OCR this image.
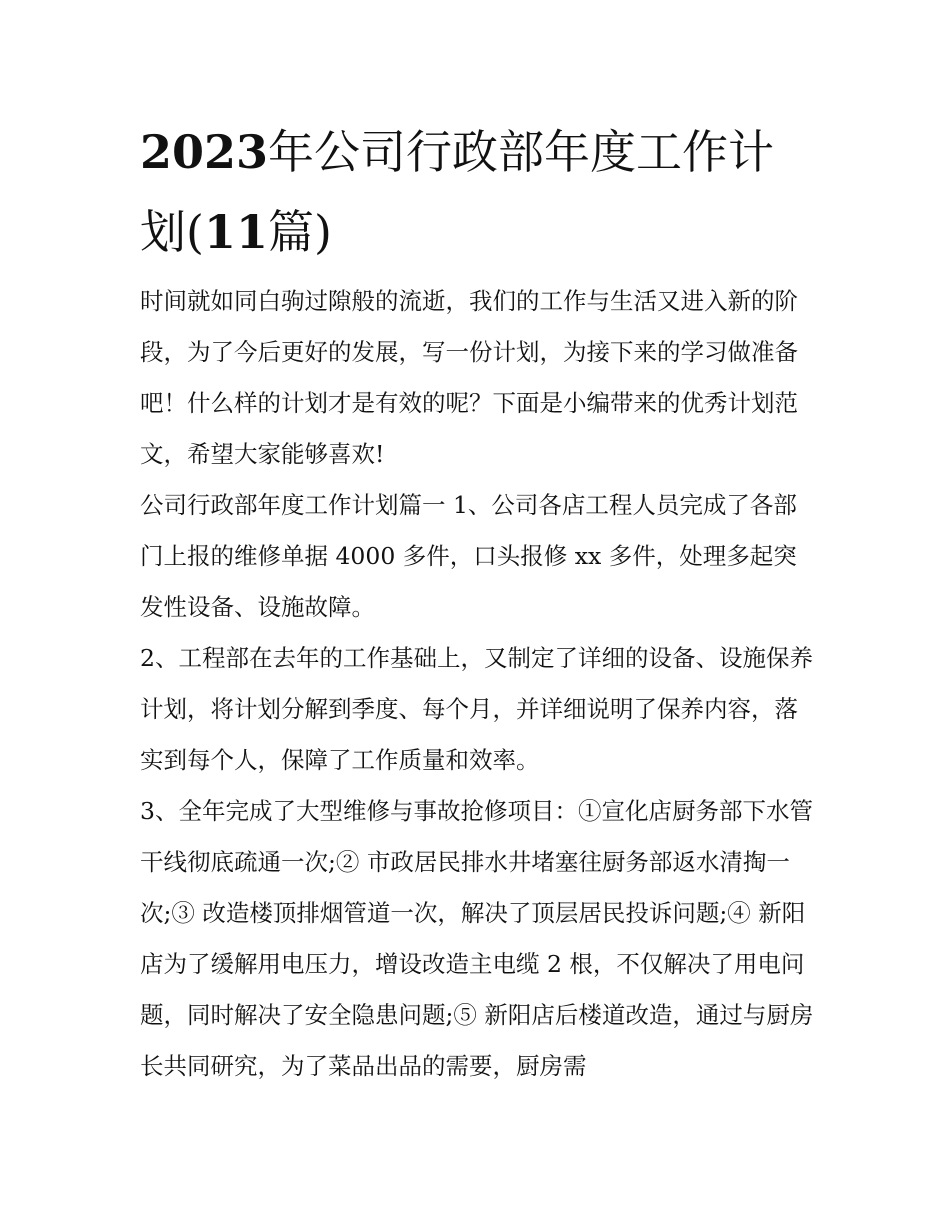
2023年公司行政部年度工作计划(11篇)

时间就如同白驹过隙般的流逝，我们的工作与生活又进入新的阶段，为了今后更好的发展，写一份计划，为接下来的学习做准备吧！什么样的计划才是有效的呢？下面是小编带来的优秀计划范文，希望大家能够喜欢!

公司行政部年度工作计划篇一 1、公司各店工程人员完成了各部门上报的维修单据 4000 多件，口头报修 xx 多件，处理多起突发性设备、设施故障。

2、工程部在去年的工作基础上，又制定了详细的设备、设施保养计划，将计划分解到季度、每个月，并详细说明了保养内容，落实到每个人，保障了工作质量和效率。

3、全年完成了大型维修与事故抢修项目：①宣化店厨务部下水管干线彻底疏通一次;② 市政居民排水井堵塞往厨务部返水清掏一次;③ 改造楼顶排烟管道一次，解决了顶层居民投诉问题;④ 新阳店为了缓解用电压力，增设改造主电缆 2 根，不仅解决了用电问题，同时解决了安全隐患问题;⑤ 新阳店后楼道改造，通过与厨房长共同研究，为了菜品出品的需要，厨房需
